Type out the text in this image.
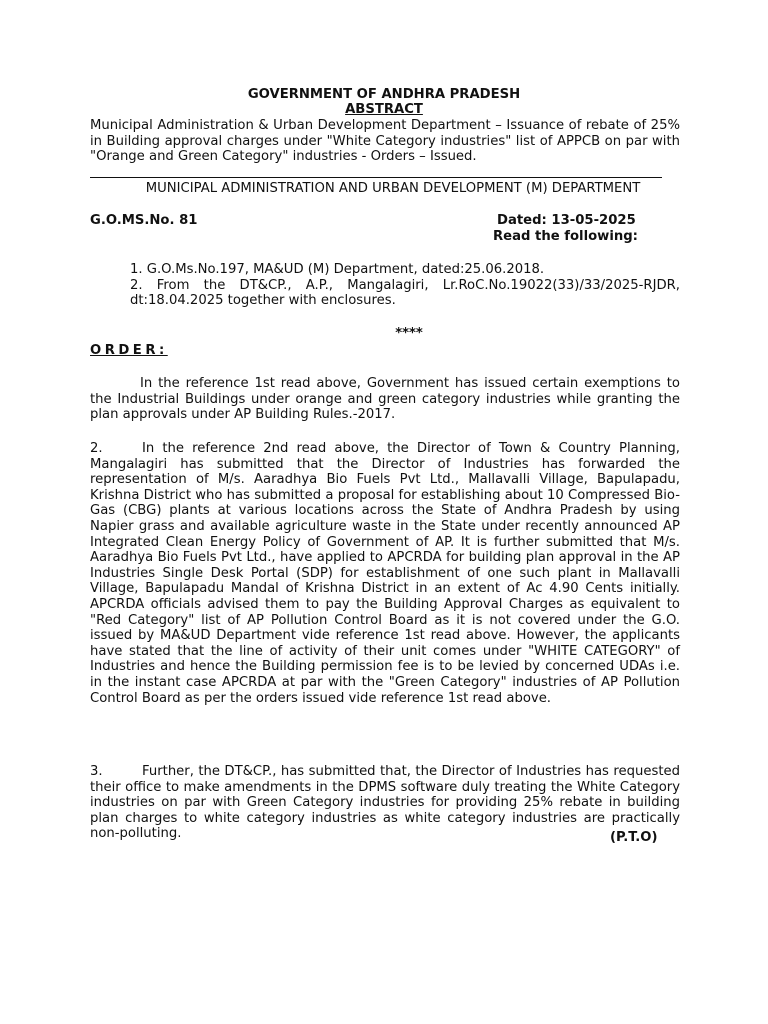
GOVERNMENT OF ANDHRA PRADESH
ABSTRACT
Municipal Administration & Urban Development Department – Issuance of rebate of 25% in Building approval charges under "White Category industries" list of APPCB on par with "Orange and Green Category" industries - Orders – Issued.
MUNICIPAL ADMINISTRATION AND URBAN DEVELOPMENT (M) DEPARTMENT
G.O.MS.No. 81	Dated: 13-05-2025
Read the following:
1. G.O.Ms.No.197, MA&UD (M) Department, dated:25.06.2018.
2. From the DT&CP., A.P., Mangalagiri, Lr.RoC.No.19022(33)/33/2025-RJDR, dt:18.04.2025 together with enclosures.
****
ORDER:
In the reference 1st read above, Government has issued certain exemptions to the Industrial Buildings under orange and green category industries while granting the plan approvals under AP Building Rules.-2017.
2.	In the reference 2nd read above, the Director of Town & Country Planning, Mangalagiri has submitted that the Director of Industries has forwarded the representation of M/s. Aaradhya Bio Fuels Pvt Ltd., Mallavalli Village, Bapulapadu, Krishna District who has submitted a proposal for establishing about 10 Compressed Bio- Gas (CBG) plants at various locations across the State of Andhra Pradesh by using Napier grass and available agriculture waste in the State under recently announced AP Integrated Clean Energy Policy of Government of AP. It is further submitted that M/s. Aaradhya Bio Fuels Pvt Ltd., have applied to APCRDA for building plan approval in the AP Industries Single Desk Portal (SDP) for establishment of one such plant in Mallavalli Village, Bapulapadu Mandal of Krishna District in an extent of Ac 4.90 Cents initially. APCRDA officials advised them to pay the Building Approval Charges as equivalent to "Red Category" list of AP Pollution Control Board as it is not covered under the G.O. issued by MA&UD Department vide reference 1st read above. However, the applicants have stated that the line of activity of their unit comes under "WHITE CATEGORY" of Industries and hence the Building permission fee is to be levied by concerned UDAs i.e. in the instant case APCRDA at par with the "Green Category" industries of AP Pollution Control Board as per the orders issued vide reference 1st read above.
3.	Further, the DT&CP., has submitted that, the Director of Industries has requested their office to make amendments in the DPMS software duly treating the White Category industries on par with Green Category industries for providing 25% rebate in building plan charges to white category industries as white category industries are practically non-polluting.	(P.T.O)
